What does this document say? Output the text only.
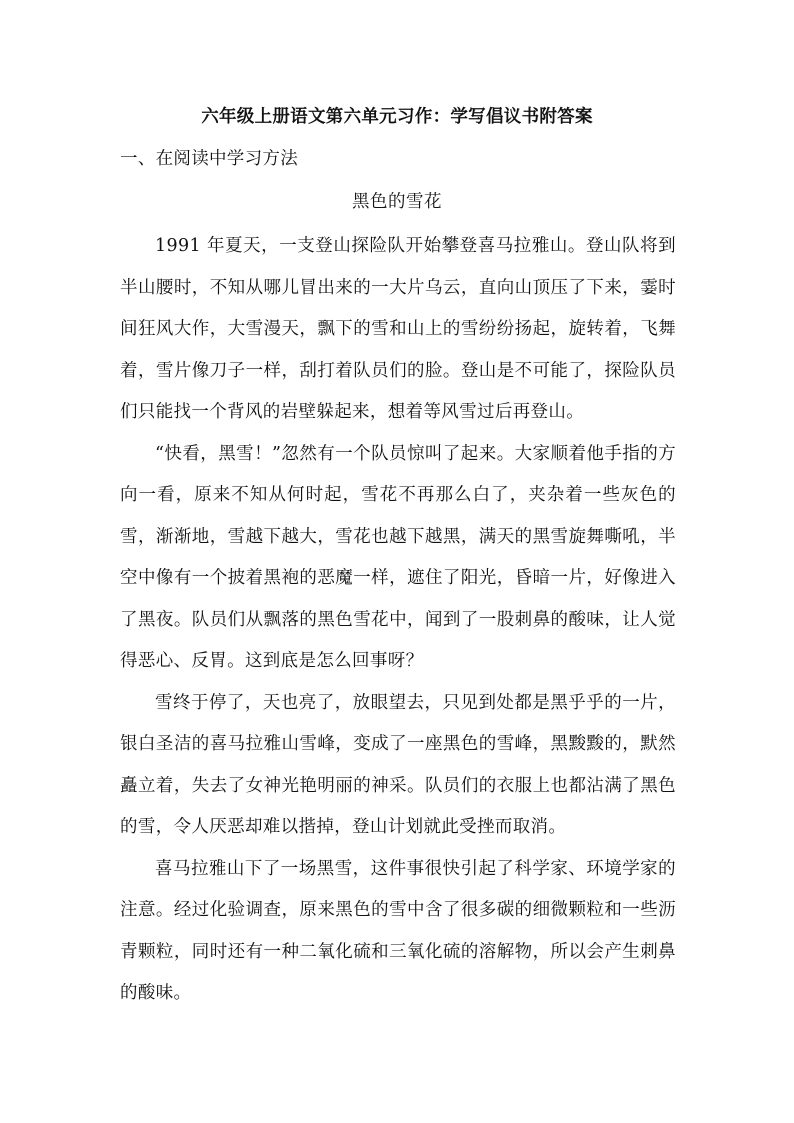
六年级上册语文第六单元习作：学写倡议书附答案
一、在阅读中学习方法
黑色的雪花

1991 年夏天，一支登山探险队开始攀登喜马拉雅山。登山队将到半山腰时，不知从哪儿冒出来的一大片乌云，直向山顶压了下来，霎时间狂风大作，大雪漫天，飘下的雪和山上的雪纷纷扬起，旋转着，飞舞着，雪片像刀子一样，刮打着队员们的脸。登山是不可能了，探险队员们只能找一个背风的岩壁躲起来，想着等风雪过后再登山。

“快看，黑雪！”忽然有一个队员惊叫了起来。大家顺着他手指的方向一看，原来不知从何时起，雪花不再那么白了，夹杂着一些灰色的雪，渐渐地，雪越下越大，雪花也越下越黑，满天的黑雪旋舞嘶吼，半空中像有一个披着黑袍的恶魔一样，遮住了阳光，昏暗一片，好像进入了黑夜。队员们从飘落的黑色雪花中，闻到了一股刺鼻的酸味，让人觉得恶心、反胃。这到底是怎么回事呀？

雪终于停了，天也亮了，放眼望去，只见到处都是黑乎乎的一片，银白圣洁的喜马拉雅山雪峰，变成了一座黑色的雪峰，黑黢黢的，默然矗立着，失去了女神光艳明丽的神采。队员们的衣服上也都沾满了黑色的雪，令人厌恶却难以揩掉，登山计划就此受挫而取消。

喜马拉雅山下了一场黑雪，这件事很快引起了科学家、环境学家的注意。经过化验调查，原来黑色的雪中含了很多碳的细微颗粒和一些沥青颗粒，同时还有一种二氧化硫和三氧化硫的溶解物，所以会产生刺鼻的酸味。
